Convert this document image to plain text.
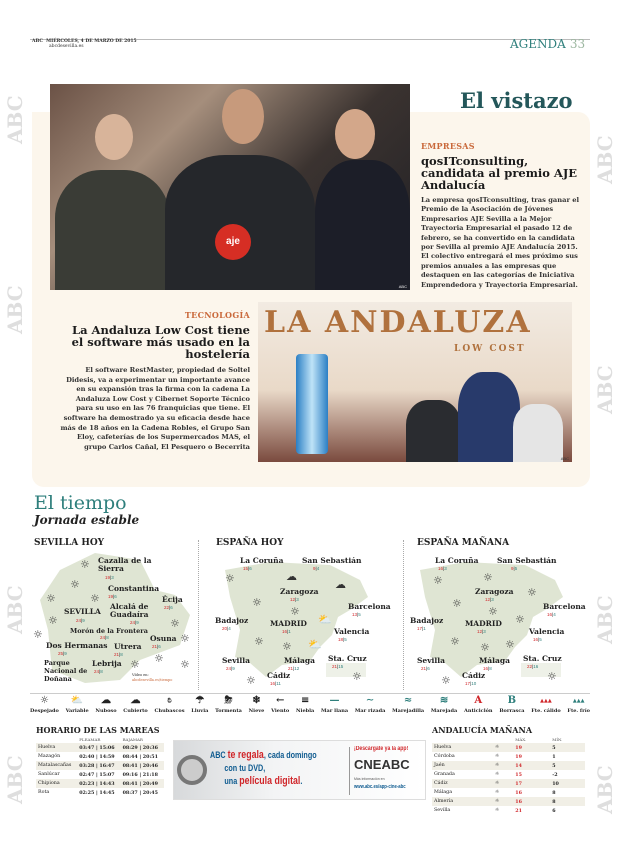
ABC MIÉRCOLES, 4 DE MARZO DE 2015
abcdesevilla.es	AGENDA 33
aje
ABC
El vistazo
EMPRESAS
qosITconsulting, candidata al premio AJE Andalucía
La empresa qosITconsulting, tras ganar el Premio de la Asociación de Jóvenes Empresarios AJE Sevilla a la Mejor Trayectoria Empresarial el pasado 12 de febrero, se ha convertido en la candidata por Sevilla al premio AJE Andalucía 2015. El colectivo entregará el mes próximo sus premios anuales a las empresas que destaquen en las categorías de Iniciativa Emprendedora y Trayectoria Empresarial.
LA ANDALUZA
LOW COST
ABC
TECNOLOGÍA
La Andaluza Low Cost tiene el software más usado en la hostelería
El software RestMaster, propiedad de Soltel Didesis, va a experimentar un importante avance en su expansión tras la firma con la cadena La Andaluza Low Cost y Cibernet Soporte Técnico para su uso en las 76 franquicias que tiene. El software ha demostrado ya su eficacia desde hace más de 18 años en la Cadena Robles, el Grupo San Eloy, cafeterías de los Supermercados MAS, el grupo Carlos Cañal, El Pesquero o Becerrita
El tiempo
Jornada estable
SEVILLA HOY
Cazalla de la Sierra
19|3
Constantina
19|6	Écija
22|6
SEVILLA
24|9
Alcalá de Guadaíra
24|9
Morón de la Frontera
24|8
Dos Hermanas
25|9
Utrera
21|8
Osuna
21|6
Lebrija
24|8
Parque Nacional de Doñana	Vídeo en:
abcdesevilla.es/tiempo
☼
☼
☼	☼
☼	☼
☼	☼
☼
☼	☼
ESPAÑA HOY
La Coruña
15|6
San Sebastián
9|4
Zaragoza
12|3
Barcelona
13|5
Badajoz
20|4
MADRID
16|1	Valencia
18|5
Sevilla
24|9
Málaga
21|12
Cádiz
16|11
Sta. Cruz
21|15
☼	☁
☁
☼
☼
⛅
☼ ☼ ⛅
☼	☼
ESPAÑA MAÑANA
La Coruña
16|3
San Sebastián
9|5
Zaragoza
12|3
Barcelona
16|4
Badajoz
17|1
MADRID
12|3	Valencia
16|5
Sevilla
21|6
Málaga
16|8
Cádiz
17|10
Sta. Cruz
22|16
☼	☼
☼
☼
☼
☼
☼ ☼ ☼
☼	☼
☼
Despejado
⛅
Variable
☁
Nuboso
☁
Cubierto
🌦
Chubascos
☂
Lluvia
⛈
Tormenta
❄
Nieve
←
Viento
≡
Niebla
—
Mar llana
∼
Mar rizada
≈
Marejadilla
≋
Marejada
A
Anticiclón
B
Borrasca
▲▲▲
Fte. cálido
▲▲▲
Fte. frío
HORARIO DE LAS MAREAS
	PLEAMAR	BAJAMAR
Huelva	03:47 | 15:06	08:29 | 20:36
Mazagón	02:40 | 14:59	08:44 | 20:51
Matalascañas	03:28 | 16:47	08:41 | 20:46
Sanlúcar	02:47 | 15:07	09:16 | 21:18
Chipiona	02:23 | 14:43	08:41 | 20:49
Rota	02:25 | 14:45	08:37 | 20:45
ABC te regala, cada domingo
con tu DVD,
una película digital.
¡Descárgate ya la app!
CNEABC
Más información en
www.abc.es/app-cine-abc
ANDALUCÍA MAÑANA
		MÁX.	MÍN.
Huelva	☼	19	5
Córdoba	☼	19	1
Jaén	☼	14	5
Granada	☼	15	-2
Cádiz	☼	17	10
Málaga	☼	16	8
Almería	☼	16	8
Sevilla	☼	21	6
ABC
ABC
ABC
ABC
ABC
ABC
ABC
ABC
